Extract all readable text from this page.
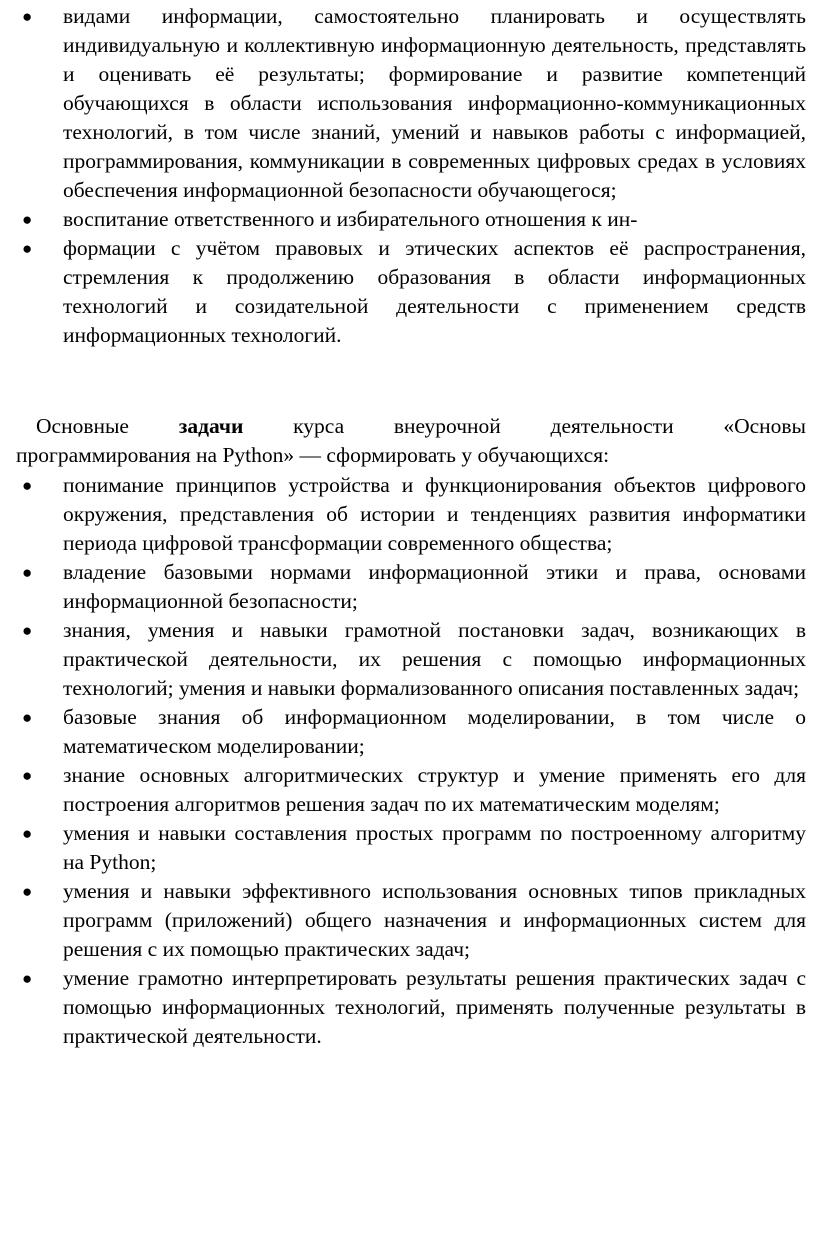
●	видами информации, самостоятельно планировать и осуществлять индивидуальную и коллективную информационную деятельность, представлять и оценивать её результаты; формирование и развитие компетенций обучающихся в области использования информационно-коммуникационных технологий, в том числе знаний, умений и навыков работы с информацией, программирования, коммуникации в современных цифровых средах в условиях обеспечения информационной безопасности обучающегося;
●	воспитание ответственного и избирательного отношения к ин-
●	формации с учётом правовых и этических аспектов её распространения, стремления к продолжению образования в области информационных технологий и созидательной деятельности с применением средств информационных технологий.

Основные задачи курса внеурочной деятельности «Основы
программирования на Python» — сформировать у обучающихся:

●	понимание принципов устройства и функционирования объектов цифрового окружения, представления об истории и тенденциях развития информатики периода цифровой трансформации современного общества;
●	владение базовыми нормами информационной этики и права, основами информационной безопасности;
●	знания, умения и навыки грамотной постановки задач, возникающих в практической деятельности, их решения с помощью информационных технологий; умения и навыки формализованного описания поставленных задач;
●	базовые знания об информационном моделировании, в том числе о математическом моделировании;
●	знание основных алгоритмических структур и умение применять его для построения алгоритмов решения задач по их математическим моделям;
●	умения и навыки составления простых программ по построенному алгоритму на Python;
●	умения и навыки эффективного использования основных типов прикладных программ (приложений) общего назначения и информационных систем для решения с их помощью практических задач;
●	умение грамотно интерпретировать результаты решения практических задач с помощью информационных технологий, применять полученные результаты в практической деятельности.
